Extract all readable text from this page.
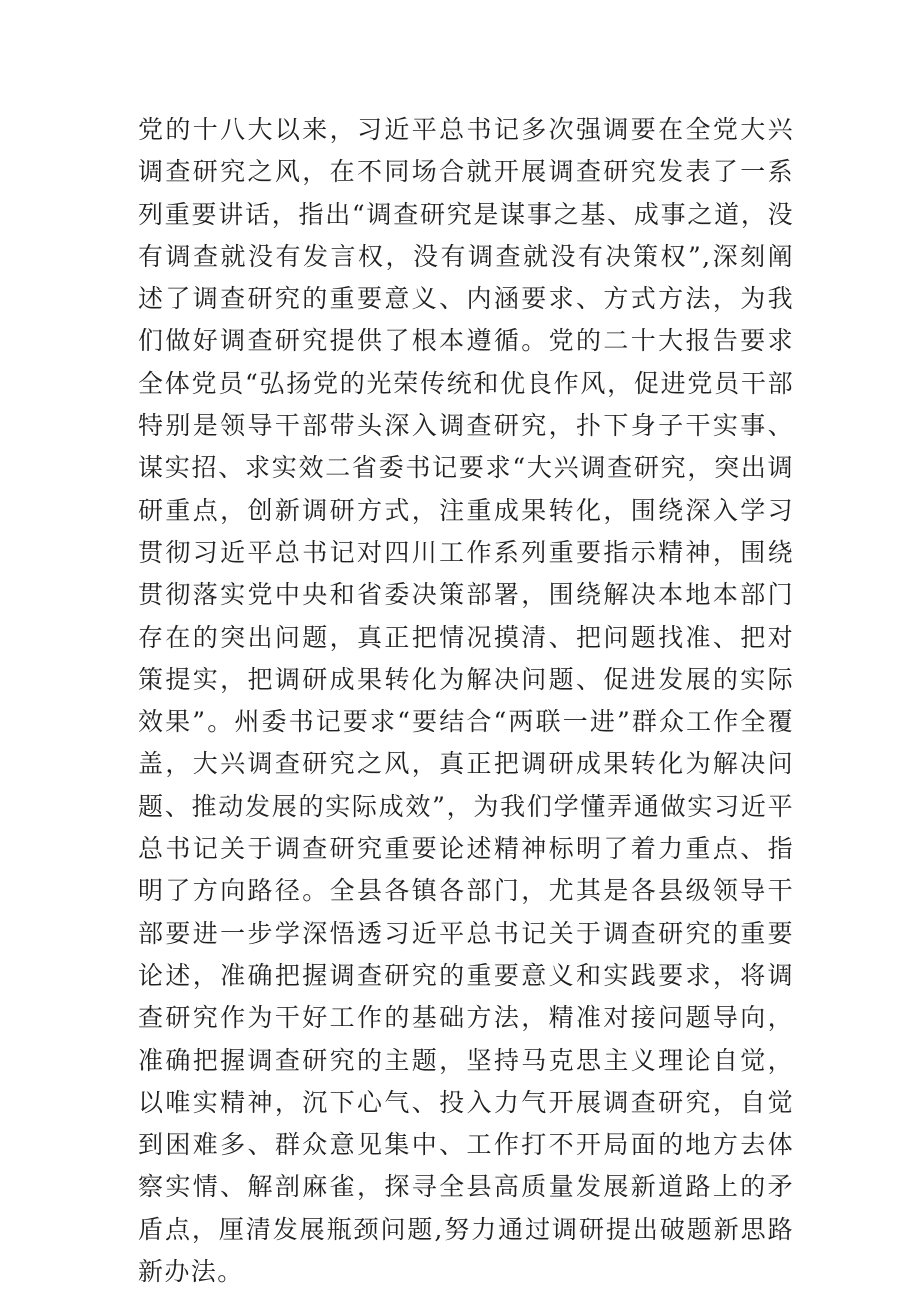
党的十八大以来，习近平总书记多次强调要在全党大兴调查研究之风，在不同场合就开展调查研究发表了一系列重要讲话，指出“调查研究是谋事之基、成事之道，没有调查就没有发言权，没有调查就没有决策权”,深刻阐述了调查研究的重要意义、内涵要求、方式方法，为我们做好调查研究提供了根本遵循。党的二十大报告要求全体党员“弘扬党的光荣传统和优良作风，促进党员干部特别是领导干部带头深入调查研究，扑下身子干实事、谋实招、求实效二省委书记要求“大兴调查研究，突出调研重点，创新调研方式，注重成果转化，围绕深入学习贯彻习近平总书记对四川工作系列重要指示精神，围绕贯彻落实党中央和省委决策部署，围绕解决本地本部门存在的突出问题，真正把情况摸清、把问题找准、把对策提实，把调研成果转化为解决问题、促进发展的实际效果”。州委书记要求“要结合“两联一进”群众工作全覆盖，大兴调查研究之风，真正把调研成果转化为解决问题、推动发展的实际成效”，为我们学懂弄通做实习近平总书记关于调查研究重要论述精神标明了着力重点、指明了方向路径。全县各镇各部门，尤其是各县级领导干部要进一步学深悟透习近平总书记关于调查研究的重要论述，准确把握调查研究的重要意义和实践要求，将调查研究作为干好工作的基础方法，精准对接问题导向，准确把握调查研究的主题，坚持马克思主义理论自觉，以唯实精神，沉下心气、投入力气开展调查研究，自觉到困难多、群众意见集中、工作打不开局面的地方去体察实情、解剖麻雀，探寻全县高质量发展新道路上的矛盾点，厘清发展瓶颈问题,努力通过调研提出破题新思路新办法。
